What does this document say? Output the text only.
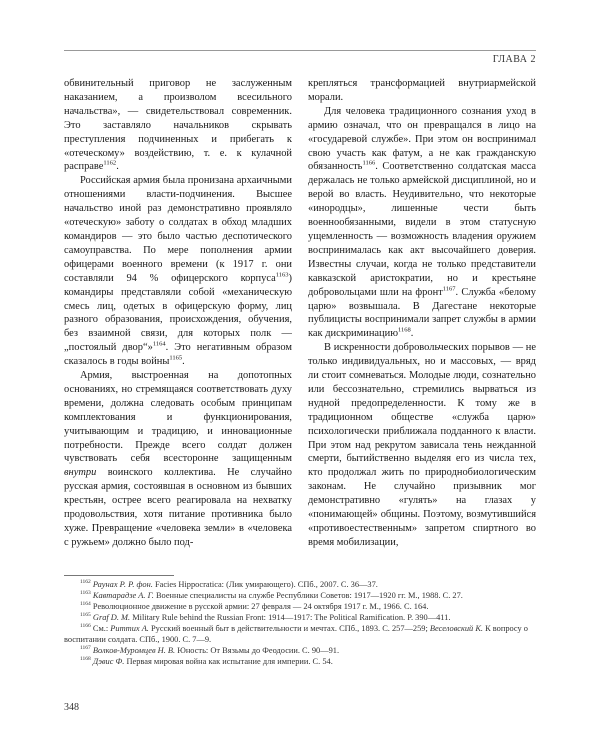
ГЛАВА 2

обвинительный приговор не заслуженным наказанием, а произволом всесильного начальства», — свидетельствовал современник. Это заставляло начальников скрывать преступления подчиненных и прибегать к «отеческому» воздействию, т. е. к кулачной расправе$^{1162}$.

Российская армия была пронизана архаичными отношениями власти-подчинения. Высшее начальство иной раз демонстративно проявляло «отеческую» заботу о солдатах в обход младших командиров — это было частью деспотического самоуправства. По мере пополнения армии офицерами военного времени (к 1917 г. они составляли 94 % офицерского корпуса$^{1163}$) командиры представляли собой «механическую смесь лиц, одетых в офицерскую форму, лиц разного образования, происхождения, обучения, без взаимной связи, для которых полк — „постоялый двор“»$^{1164}$. Это негативным образом сказалось в годы войны$^{1165}$.

Армия, выстроенная на допотопных основаниях, но стремящаяся соответствовать духу времени, должна следовать особым принципам комплектования и функционирования, учитывающим и традицию, и инновационные потребности. Прежде всего солдат должен чувствовать себя всесторонне защищенным внутри воинского коллектива. Не случайно русская армия, состоявшая в основном из бывших крестьян, острее всего реагировала на нехватку продовольствия, хотя питание противника было хуже. Превращение «человека земли» в «человека с ружьем» должно было под-

крепляться трансформацией внутриармейской морали.

Для человека традиционного сознания уход в армию означал, что он превращался в лицо на «государевой службе». При этом он воспринимал свою участь как фатум, а не как гражданскую обязанность$^{1166}$. Соответственно солдатская масса держалась не только армейской дисциплиной, но и верой во власть. Неудивительно, что некоторые «инородцы», лишенные чести быть военнообязанными, видели в этом статусную ущемленность — возможность владения оружием воспринималась как акт высочайшего доверия. Известны случаи, когда не только представители кавказской аристократии, но и крестьяне добровольцами шли на фронт$^{1167}$. Служба «белому царю» возвышала. В Дагестане некоторые публицисты воспринимали запрет службы в армии как дискриминацию$^{1168}$.

В искренности добровольческих порывов — не только индивидуальных, но и массовых, — вряд ли стоит сомневаться. Молодые люди, сознательно или бессознательно, стремились вырваться из нудной предопределенности. К тому же в традиционном обществе «служба царю» психологически приближала подданного к власти. При этом над рекрутом зависала тень нежданной смерти, бытийственно выделяя его из числа тех, кто продолжал жить по природнобиологическим законам. Не случайно призывник мог демонстративно «гулять» на глазах у «понимающей» общины. Поэтому, возмутившийся «противоестественным» запретом спиртного во время мобилизации,

$^{1162}$ Раунах Р. Р. фон. Facies Hippocratica: (Лик умирающего). СПб., 2007. С. 36—37.

$^{1163}$ Кавтарадзе А. Г. Военные специалисты на службе Республики Советов: 1917—1920 гг. М., 1988. С. 27.

$^{1164}$ Революционное движение в русской армии: 27 февраля — 24 октября 1917 г. М., 1966. С. 164.

$^{1165}$ Graf D. M. Military Rule behind the Russian Front: 1914—1917: The Political Ramification. P. 390—411.

$^{1166}$ См.: Риттих А. Русский военный быт в действительности и мечтах. СПб., 1893. С. 257—259; Веселовский К. К вопросу о воспитании солдата. СПб., 1900. С. 7—9.

$^{1167}$ Волков-Муромцев Н. В. Юность: От Вязьмы до Феодосии. С. 90—91.

$^{1168}$ Дэвис Ф. Первая мировая война как испытание для империи. С. 54.

348
